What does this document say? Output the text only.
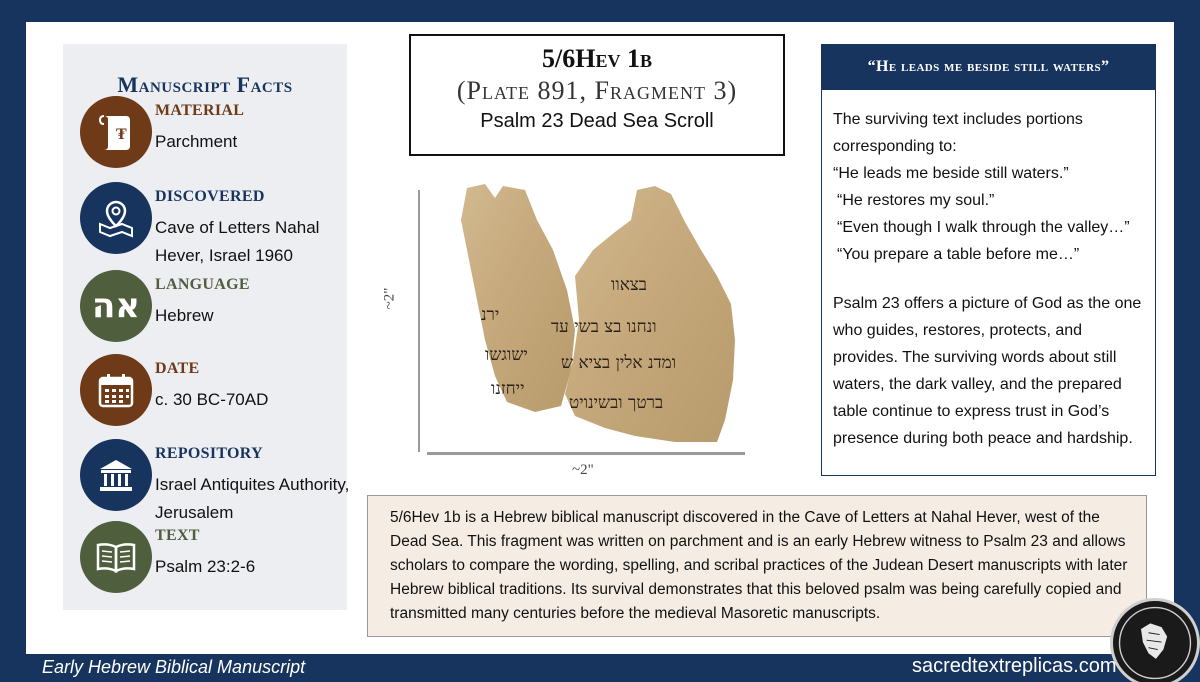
Manuscript Facts
₮
MATERIAL
Parchment
DISCOVERED
Cave of Letters Nahal Hever, Israel 1960
אה
LANGUAGE
Hebrew
DATE
c. 30 BC-70AD
REPOSITORY
Israel Antiquites Authority, Jerusalem
TEXT
Psalm 23:2-6
5/6Hev 1b
(Plate 891, Fragment 3)
Psalm 23 Dead Sea Scroll
~2"
~2"
בצאוו
ירנ
ונחנו בצ בשי עד
ישוגשו ומדנ אלין בציא ש
ייחזנו
ברטך ובשינויט
“He leads me beside still waters”

The surviving text includes portions corresponding to:

“He leads me beside still waters.”
“He restores my soul.”
“Even though I walk through the valley…”
“You prepare a table before me…”

Psalm 23 offers a picture of God as the one who guides, restores, protects, and provides. The surviving words about still waters, the dark valley, and the prepared table continue to express trust in God’s presence during both peace and hardship.

5/6Hev 1b is a Hebrew biblical manuscript discovered in the Cave of Letters at Nahal Hever, west of the Dead Sea. This fragment was written on parchment and is an early Hebrew witness to Psalm 23 and allows scholars to compare the wording, spelling, and scribal practices of the Judean Desert manuscripts with later Hebrew biblical traditions. Its survival demonstrates that this beloved psalm was being carefully copied and transmitted many centuries before the medieval Masoretic manuscripts.

Early Hebrew Biblical Manuscript	sacredtextreplicas.com
